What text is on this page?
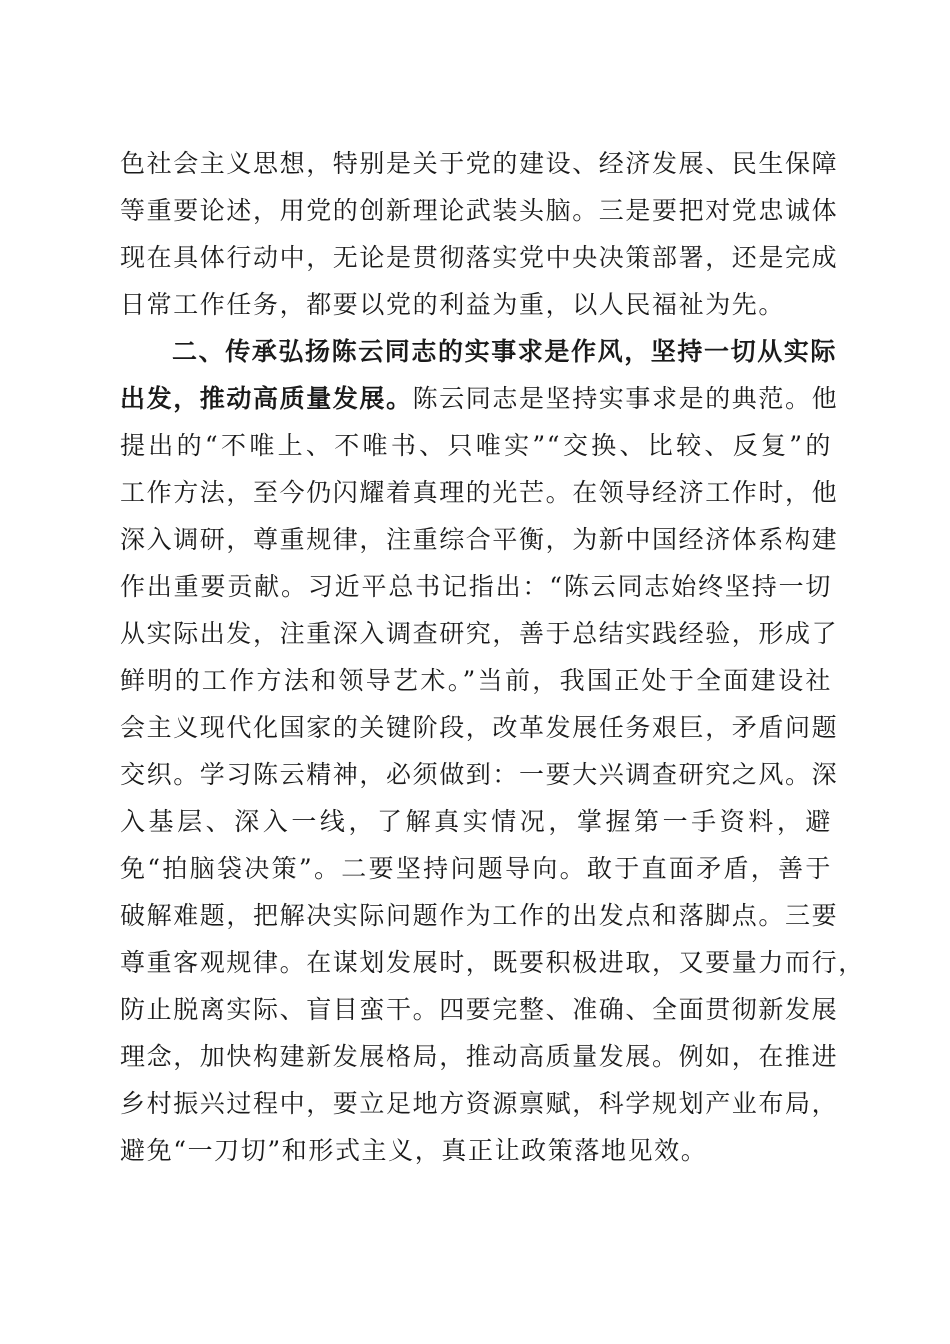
色社会主义思想，特别是关于党的建设、经济发展、民生保障
等重要论述，用党的创新理论武装头脑。三是要把对党忠诚体
现在具体行动中，无论是贯彻落实党中央决策部署，还是完成
日常工作任务，都要以党的利益为重，以人民福祉为先。
二、传承弘扬陈云同志的实事求是作风，坚持一切从实际
出发，推动高质量发展。陈云同志是坚持实事求是的典范。他
提出的“不唯上、不唯书、只唯实”“交换、比较、反复”的
工作方法，至今仍闪耀着真理的光芒。在领导经济工作时，他
深入调研，尊重规律，注重综合平衡，为新中国经济体系构建
作出重要贡献。习近平总书记指出：“陈云同志始终坚持一切
从实际出发，注重深入调查研究，善于总结实践经验，形成了
鲜明的工作方法和领导艺术。”当前，我国正处于全面建设社
会主义现代化国家的关键阶段，改革发展任务艰巨，矛盾问题
交织。学习陈云精神，必须做到：一要大兴调查研究之风。深
入基层、深入一线，了解真实情况，掌握第一手资料，避
免“拍脑袋决策”。二要坚持问题导向。敢于直面矛盾，善于
破解难题，把解决实际问题作为工作的出发点和落脚点。三要
尊重客观规律。在谋划发展时，既要积极进取，又要量力而行，
防止脱离实际、盲目蛮干。四要完整、准确、全面贯彻新发展
理念，加快构建新发展格局，推动高质量发展。例如，在推进
乡村振兴过程中，要立足地方资源禀赋，科学规划产业布局，
避免“一刀切”和形式主义，真正让政策落地见效。
